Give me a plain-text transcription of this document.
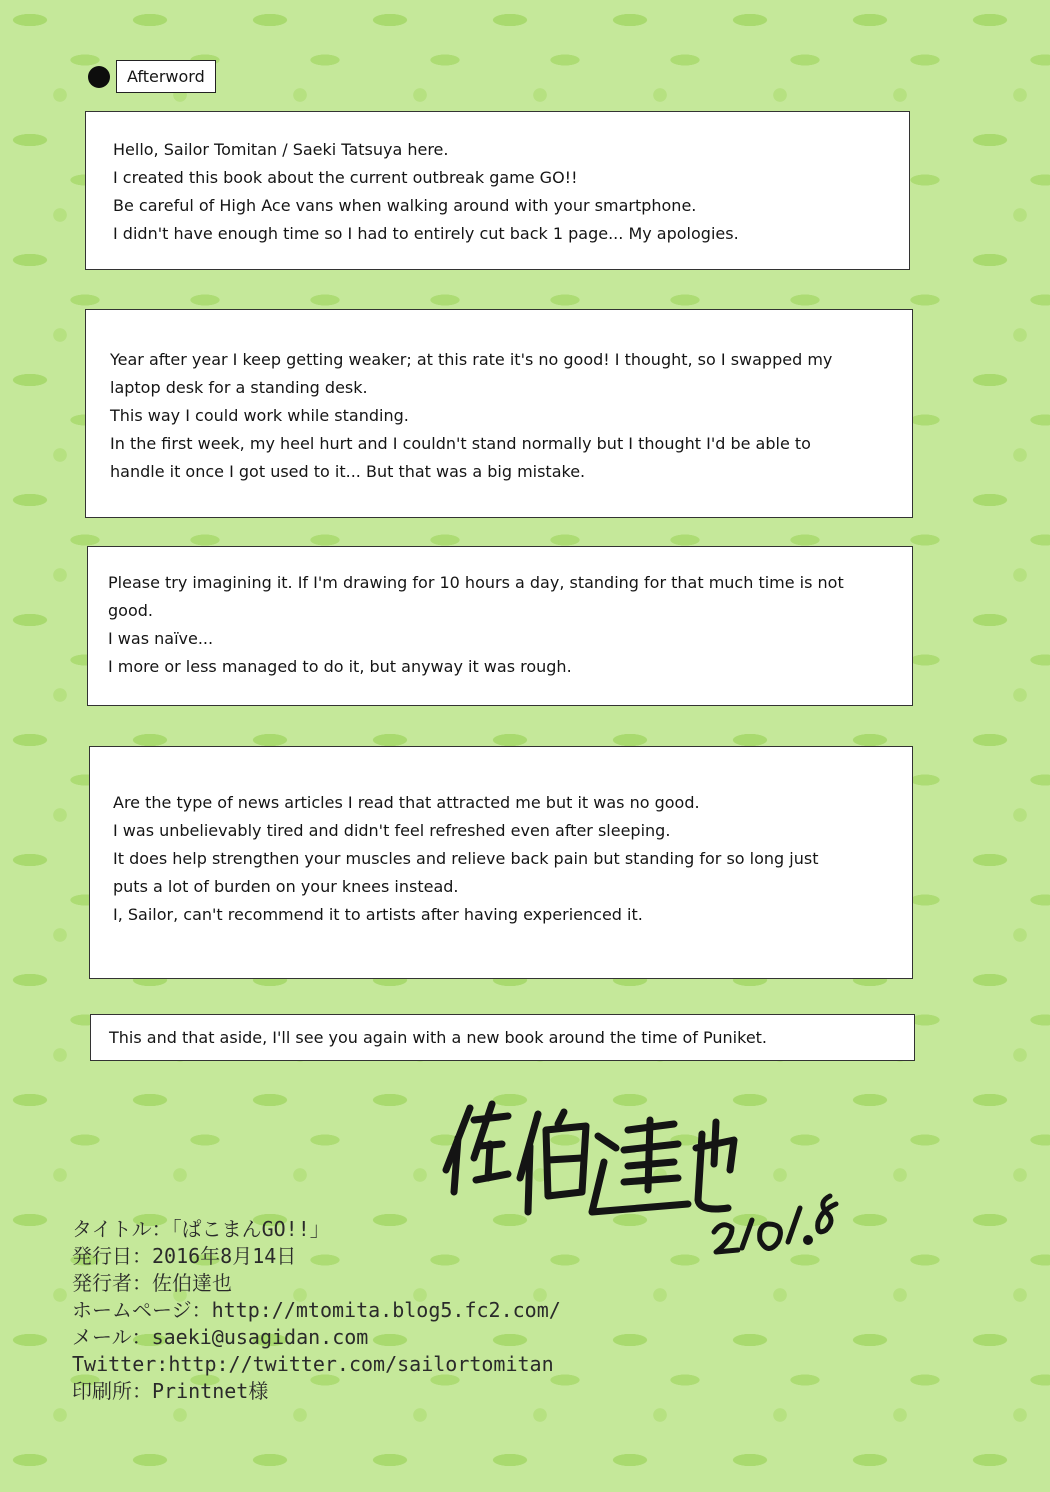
Afterword
Hello, Sailor Tomitan / Saeki Tatsuya here.
I created this book about the current outbreak game GO!!
Be careful of High Ace vans when walking around with your smartphone.
I didn't have enough time so I had to entirely cut back 1 page... My apologies.
Year after year I keep getting weaker; at this rate it's no good! I thought, so I swapped my
laptop desk for a standing desk.
This way I could work while standing.
In the first week, my heel hurt and I couldn't stand normally but I thought I'd be able to
handle it once I got used to it... But that was a big mistake.
Please try imagining it. If I'm drawing for 10 hours a day, standing for that much time is not
good.
I was naïve...
I more or less managed to do it, but anyway it was rough.
Are the type of news articles I read that attracted me but it was no good.
I was unbelievably tired and didn't feel refreshed even after sleeping.
It does help strengthen your muscles and relieve back pain but standing for so long just
puts a lot of burden on your knees instead.
I, Sailor, can't recommend it to artists after having experienced it.
This and that aside, I'll see you again with a new book around the time of Puniket.
タイトル：「ぱこまんGO!!」
発行日：2016年8月14日
発行者：佐伯達也
ホームページ：http://mtomita.blog5.fc2.com/
メール：saeki@usagidan.com
Twitter:http://twitter.com/sailortomitan
印刷所：Printnet様
